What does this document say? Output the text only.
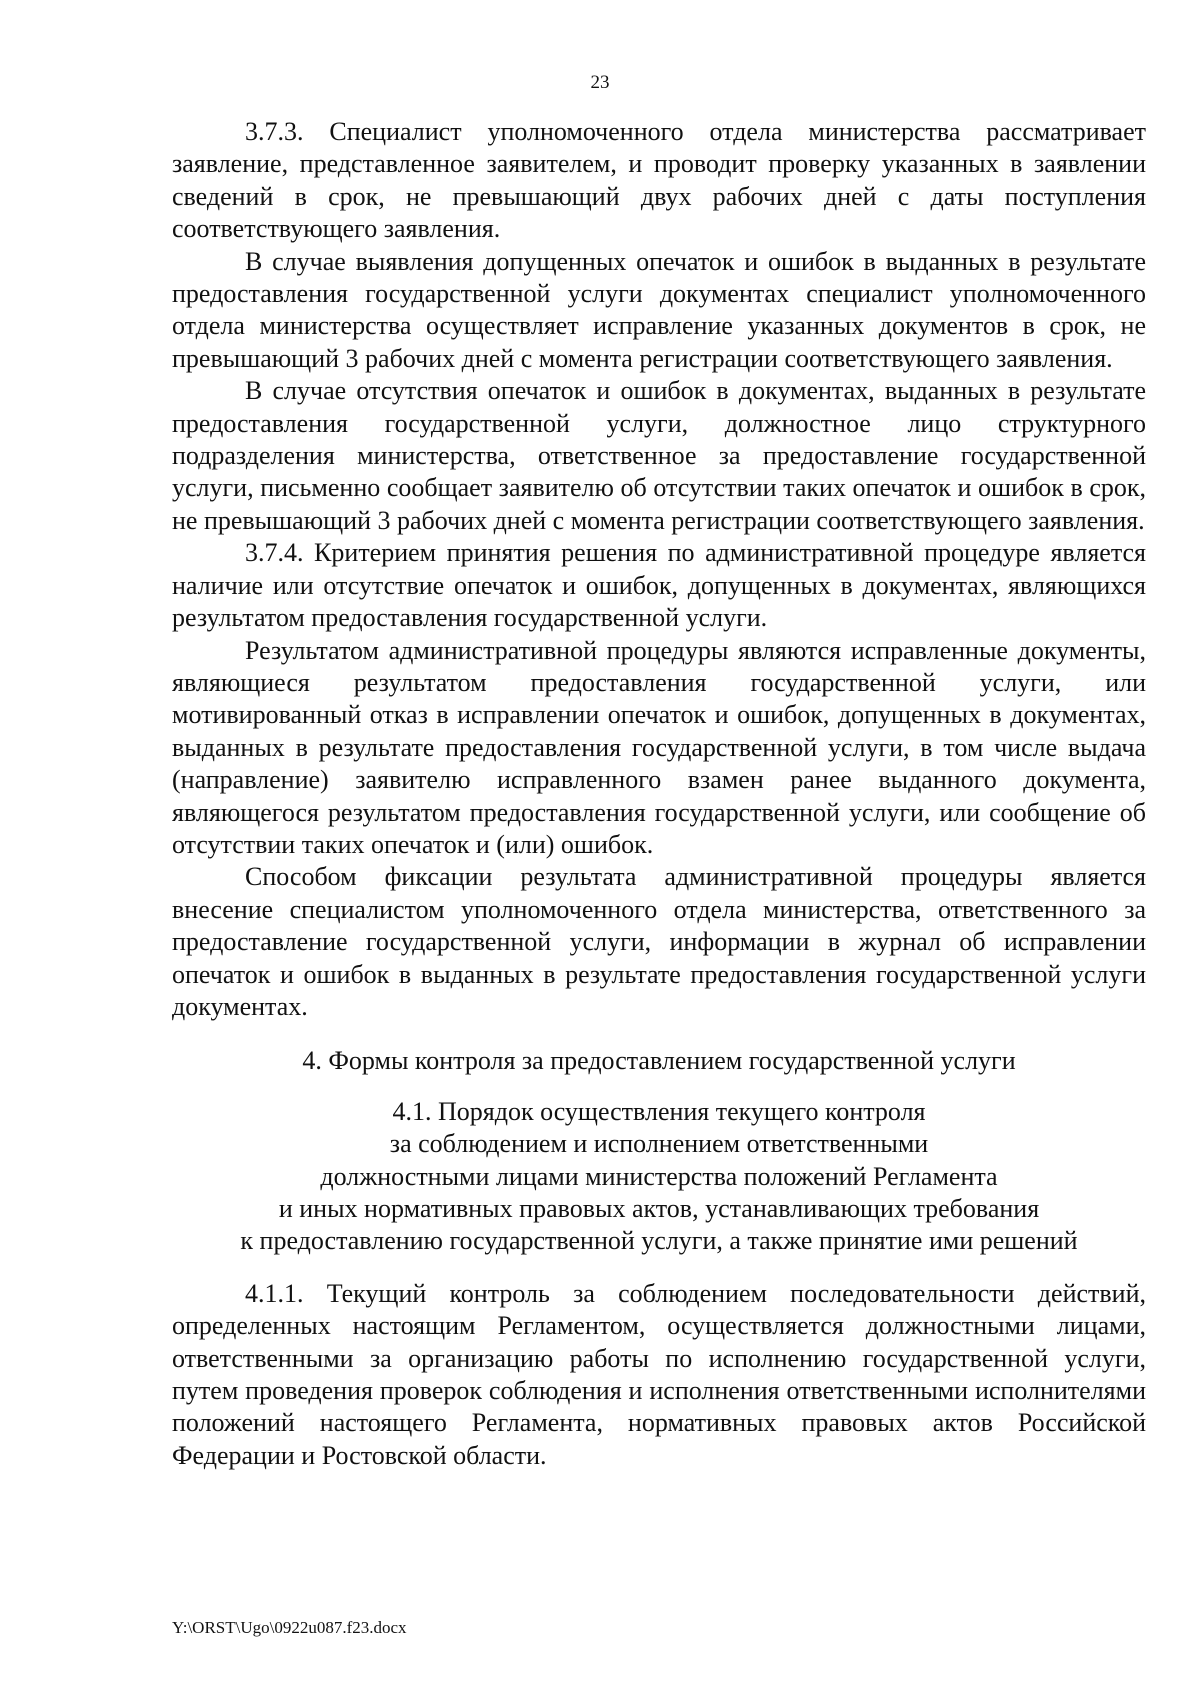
23

3.7.3. Специалист уполномоченного отдела министерства рассматривает заявление, представленное заявителем, и проводит проверку указанных в заявлении сведений в срок, не превышающий двух рабочих дней с даты поступления соответствующего заявления.

В случае выявления допущенных опечаток и ошибок в выданных в результате предоставления государственной услуги документах специалист уполномоченного отдела министерства осуществляет исправление указанных документов в срок, не превышающий 3 рабочих дней с момента регистрации соответствующего заявления.

В случае отсутствия опечаток и ошибок в документах, выданных в результате предоставления государственной услуги, должностное лицо структурного подразделения министерства, ответственное за предоставление государственной услуги, письменно сообщает заявителю об отсутствии таких опечаток и ошибок в срок, не превышающий 3 рабочих дней с момента регистрации соответствующего заявления.

3.7.4. Критерием принятия решения по административной процедуре является наличие или отсутствие опечаток и ошибок, допущенных в документах, являющихся результатом предоставления государственной услуги.

Результатом административной процедуры являются исправленные документы, являющиеся результатом предоставления государственной услуги, или мотивированный отказ в исправлении опечаток и ошибок, допущенных в документах, выданных в результате предоставления государственной услуги, в том числе выдача (направление) заявителю исправленного взамен ранее выданного документа, являющегося результатом предоставления государственной услуги, или сообщение об отсутствии таких опечаток и (или) ошибок.

Способом фиксации результата административной процедуры является внесение специалистом уполномоченного отдела министерства, ответственного за предоставление государственной услуги, информации в журнал об исправлении опечаток и ошибок в выданных в результате предоставления государственной услуги документах.

4. Формы контроля за предоставлением государственной услуги

4.1. Порядок осуществления текущего контроля
за соблюдением и исполнением ответственными
должностными лицами министерства положений Регламента
и иных нормативных правовых актов, устанавливающих требования
к предоставлению государственной услуги, а также принятие ими решений

4.1.1. Текущий контроль за соблюдением последовательности действий, определенных настоящим Регламентом, осуществляется должностными лицами, ответственными за организацию работы по исполнению государственной услуги, путем проведения проверок соблюдения и исполнения ответственными исполнителями положений настоящего Регламента, нормативных правовых актов Российской Федерации и Ростовской области.

Y:\ORST\Ugo\0922u087.f23.docx
